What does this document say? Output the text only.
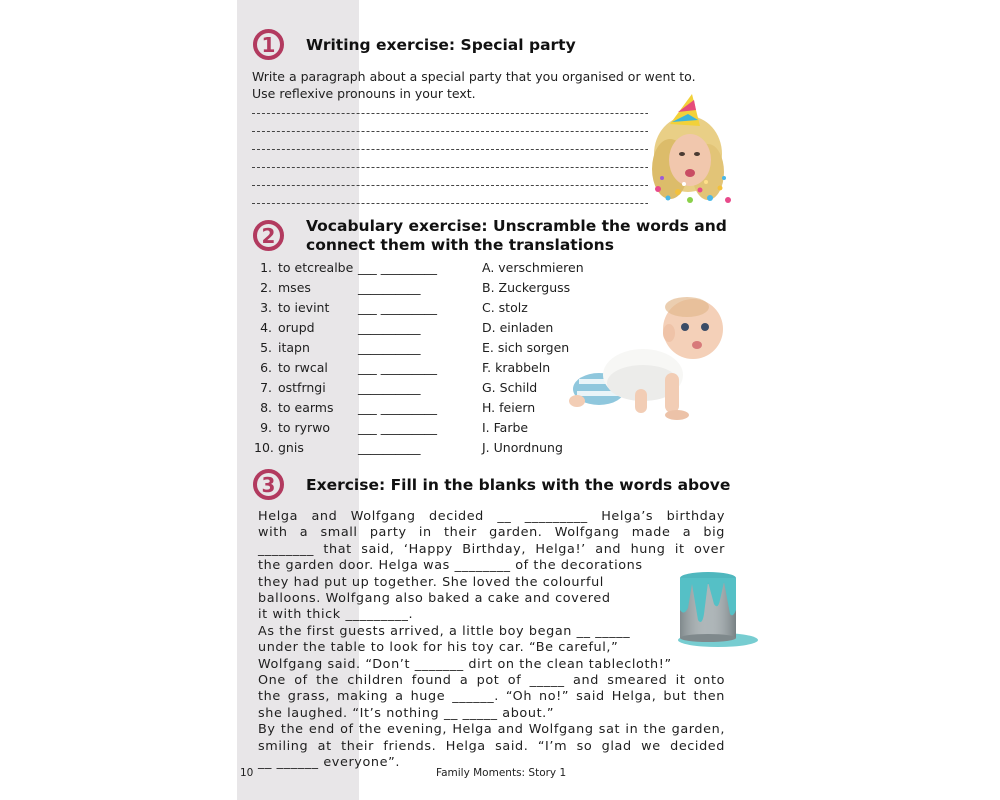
1	Writing exercise: Special party
Write a paragraph about a special party that you organised or went to.
Use reflexive pronouns in your text.
2	Vocabulary exercise: Unscramble the words and
connect them with the translations
1. to etcrealbe ___ _________
2. mses	__________
3. to ievint ___ _________
4. orupd	__________
5. itapn	__________
6. to rwcal ___ _________
7. ostfrngi	__________
8. to earms ___ _________
9. to ryrwo ___ _________
10. gnis	__________
A. verschmieren
B. Zuckerguss
C. stolz
D. einladen
E. sich sorgen
F. krabbeln
G. Schild
H. feiern
I. Farbe
J. Unordnung
3	Exercise: Fill in the blanks with the words above

Helga and Wolfgang decided __ _________ Helga’s birthday

with a small party in their garden. Wolfgang made a big

________ that said, ‘Happy Birthday, Helga!’ and hung it over

the garden door. Helga was ________ of the decorations

they had put up together. She loved the colourful

balloons. Wolfgang also baked a cake and covered

it with thick _________.

As the first guests arrived, a little boy began __ _____

under the table to look for his toy car. “Be careful,”

Wolfgang said. “Don’t _______ dirt on the clean tablecloth!”

One of the children found a pot of _____ and smeared it onto

the grass, making a huge ______. “Oh no!” said Helga, but then

she laughed. “It’s nothing __ _____ about.”

By the end of the evening, Helga and Wolfgang sat in the garden,

smiling at their friends. Helga said. “I’m so glad we decided

__ ______ everyone”.

10	Family Moments: Story 1
